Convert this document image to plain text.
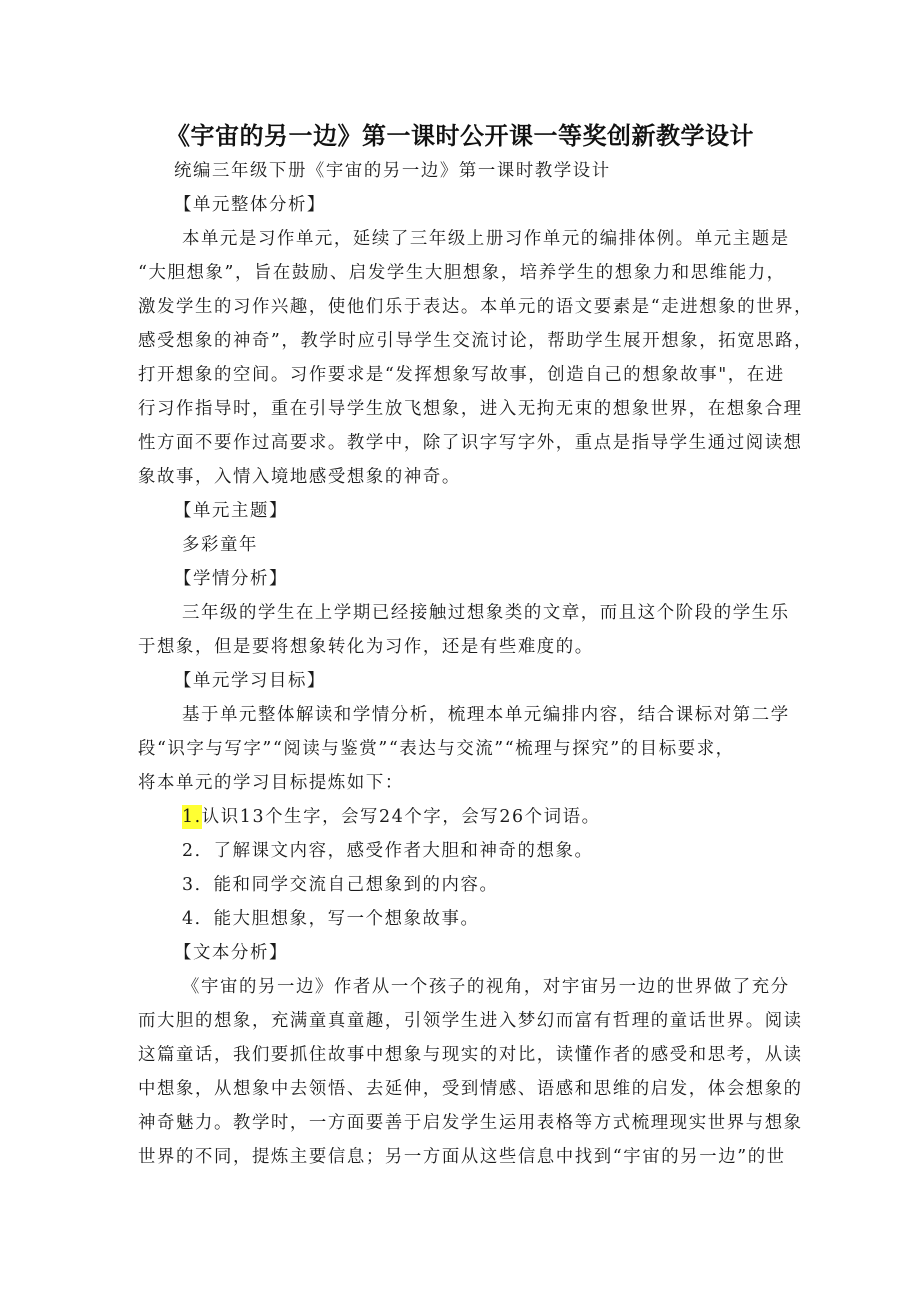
《宇宙的另一边》第一课时公开课一等奖创新教学设计
统编三年级下册《宇宙的另一边》第一课时教学设计
【单元整体分析】
本单元是习作单元，延续了三年级上册习作单元的编排体例。单元主题是
“大胆想象”，旨在鼓励、启发学生大胆想象，培养学生的想象力和思维能力，
激发学生的习作兴趣，使他们乐于表达。本单元的语文要素是“走进想象的世界，
感受想象的神奇”，教学时应引导学生交流讨论，帮助学生展开想象，拓宽思路，
打开想象的空间。习作要求是“发挥想象写故事，创造自己的想象故事"，在进
行习作指导时，重在引导学生放飞想象，进入无拘无束的想象世界，在想象合理
性方面不要作过高要求。教学中，除了识字写字外，重点是指导学生通过阅读想
象故事，入情入境地感受想象的神奇。
【单元主题】
多彩童年
【学情分析】
三年级的学生在上学期已经接触过想象类的文章，而且这个阶段的学生乐
于想象，但是要将想象转化为习作，还是有些难度的。
【单元学习目标】
基于单元整体解读和学情分析，梳理本单元编排内容，结合课标对第二学
段“识字与写字”“阅读与鉴赏”“表达与交流”“梳理与探究”的目标要求，
将本单元的学习目标提炼如下：
1.认识13个生字，会写24个字，会写26个词语。
2．了解课文内容，感受作者大胆和神奇的想象。
3．能和同学交流自己想象到的内容。
4．能大胆想象，写一个想象故事。
【文本分析】
《宇宙的另一边》作者从一个孩子的视角，对宇宙另一边的世界做了充分
而大胆的想象，充满童真童趣，引领学生进入梦幻而富有哲理的童话世界。阅读
这篇童话，我们要抓住故事中想象与现实的对比，读懂作者的感受和思考，从读
中想象，从想象中去领悟、去延伸，受到情感、语感和思维的启发，体会想象的
神奇魅力。教学时，一方面要善于启发学生运用表格等方式梳理现实世界与想象
世界的不同，提炼主要信息；另一方面从这些信息中找到“宇宙的另一边”的世
